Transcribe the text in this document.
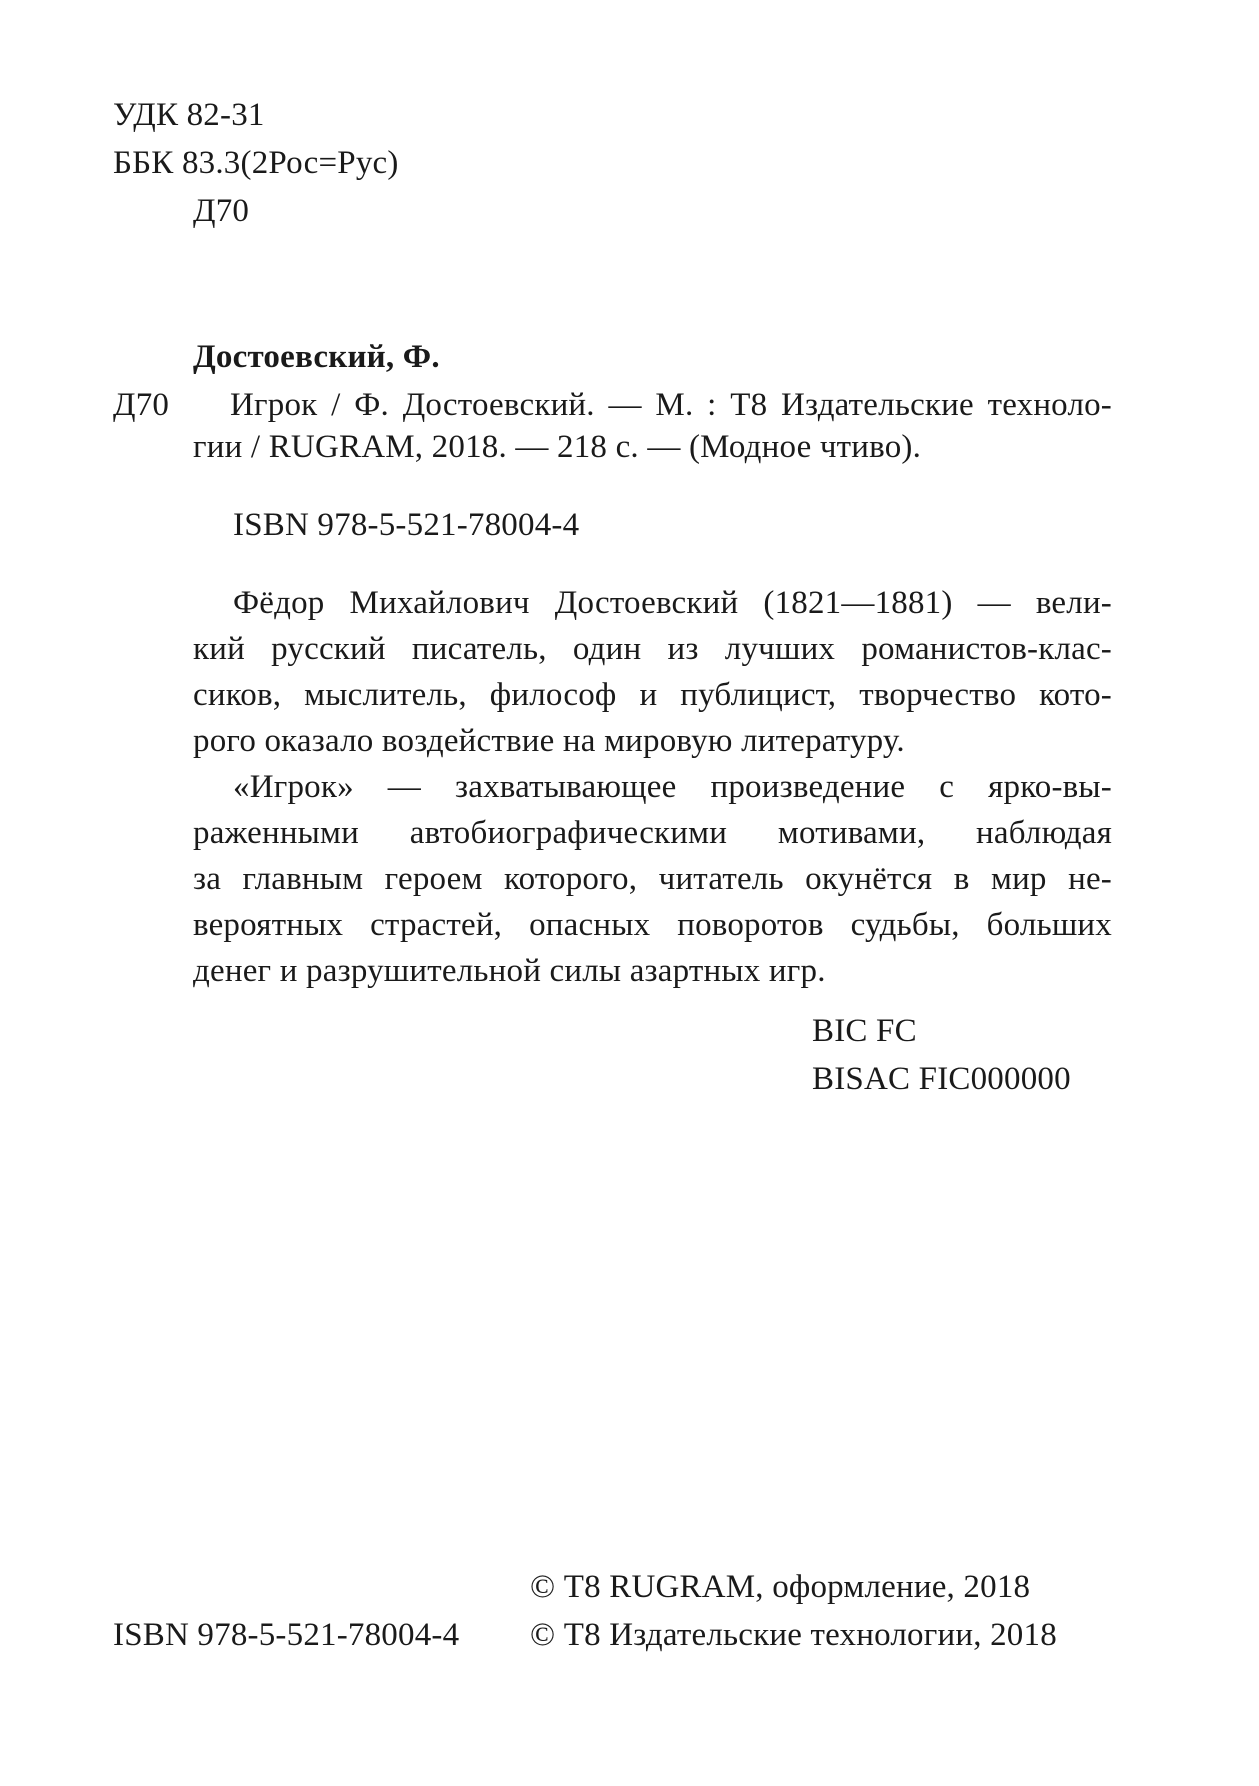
УДК 82-31
ББК 83.3(2Рос=Рус)
Д70
Достоевский, Ф.
Д70 Игрок / Ф. Достоевский. — М. : Т8 Издательские техноло-
гии / RUGRAM, 2018. — 218 с. — (Модное чтиво).
ISBN 978-5-521-78004-4
Фёдор Михайлович Достоевский (1821—1881) — вели-
кий русский писатель, один из лучших романистов-клас-
сиков, мыслитель, философ и публицист, творчество кото-
рого оказало воздействие на мировую литературу.
«Игрок» — захватывающее произведение с ярко-вы-
раженными автобиографическими мотивами, наблюдая
за главным героем которого, читатель окунётся в мир не-
вероятных страстей, опасных поворотов судьбы, больших
денег и разрушительной силы азартных игр.
BIC FC
BISAC FIC000000
© Т8 RUGRAM, оформление, 2018
ISBN 978-5-521-78004-4 © Т8 Издательские технологии, 2018
